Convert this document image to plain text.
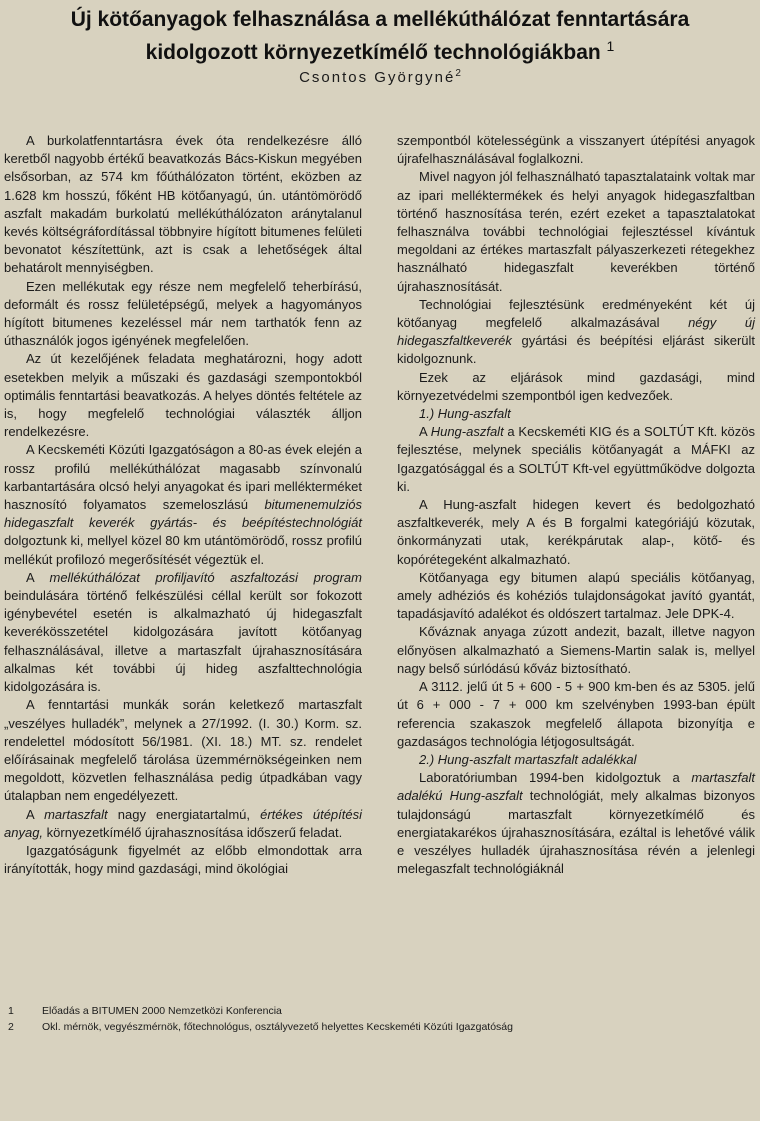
Új kötőanyagok felhasználása a mellékúthálózat fenntartására
kidolgozott környezetkímélő technológiákban $^1$
Csontos Györgyné$^2$

A burkolatfenntartásra évek óta rendelkezésre álló keretből nagyobb értékű beavatkozás Bács-Kiskun megyében elsősorban, az 574 km főúthálózaton történt, eközben az 1.628 km hosszú, főként HB kötőanyagú, ún. utántömörödő aszfalt makadám burkolatú mellékúthálózaton aránytalanul kevés költségráfordítással többnyire hígított bitumenes felületi bevonatot készítettünk, azt is csak a lehetőségek által behatárolt mennyiségben.

Ezen mellékutak egy része nem megfelelő teherbírású, deformált és rossz felületépségű, melyek a hagyományos hígított bitumenes kezeléssel már nem tarthatók fenn az úthasználók jogos igényének megfelelően.

Az út kezelőjének feladata meghatározni, hogy adott esetekben melyik a műszaki és gazdasági szempontokból optimális fenntartási beavatkozás. A helyes döntés feltétele az is, hogy megfelelő technológiai választék álljon rendelkezésre.

A Kecskeméti Közúti Igazgatóságon a 80-as évek elején a rossz profilú mellékúthálózat magasabb színvonalú karbantartására olcsó helyi anyagokat és ipari mellékterméket hasznosító folyamatos szemeloszlású bitumenemulziós hidegaszfalt keverék gyártás- és beépítéstechnológiát dolgoztunk ki, mellyel közel 80 km utántömörödő, rossz profilú mellékút profilozó megerősítését végeztük el.

A mellékúthálózat profiljavító aszfaltozási program beindulására történő felkészülési céllal került sor fokozott igénybevétel esetén is alkalmazható új hidegaszfalt keverékösszetétel kidolgozására javított kötőanyag felhasználásával, illetve a martaszfalt újrahasznosítására alkalmas két további új hideg aszfalttechnológia kidolgozására is.

A fenntartási munkák során keletkező martaszfalt „veszélyes hulladék”, melynek a 27/1992. (I. 30.) Korm. sz. rendelettel módosított 56/1981. (XI. 18.) MT. sz. rendelet előírásainak megfelelő tárolása üzemmérnökségeinken nem megoldott, közvetlen felhasználása pedig útpadkában vagy útalapban nem engedélyezett.

A martaszfalt nagy energiatartalmú, értékes útépítési anyag, környezetkímélő újrahasznosítása időszerű feladat.

Igazgatóságunk figyelmét az előbb elmondottak arra irányították, hogy mind gazdasági, mind ökológiai

szempontból kötelességünk a visszanyert útépítési anyagok újrafelhasználásával foglalkozni.

Mivel nagyon jól felhasználható tapasztalataink voltak mar az ipari melléktermékek és helyi anyagok hidegaszfaltban történő hasznosítása terén, ezért ezeket a tapasztalatokat felhasználva további technológiai fejlesztéssel kívántuk megoldani az értékes martaszfalt pályaszerkezeti rétegekhez használható hidegaszfalt keverékben történő újrahasznosítását.

Technológiai fejlesztésünk eredményeként két új kötőanyag megfelelő alkalmazásával négy új hidegaszfaltkeverék gyártási és beépítési eljárást sikerült kidolgoznunk.

Ezek az eljárások mind gazdasági, mind környezetvédelmi szempontból igen kedvezőek.

1.) Hung-aszfalt

A Hung-aszfalt a Kecskeméti KIG és a SOLTÚT Kft. közös fejlesztése, melynek speciális kötőanyagát a MÁFKI az Igazgatósággal és a SOLTÚT Kft-vel együttműködve dolgozta ki.

A Hung-aszfalt hidegen kevert és bedolgozható aszfaltkeverék, mely A és B forgalmi kategóriájú közutak, önkormányzati utak, kerékpárutak alap-, kötő- és kopórétegeként alkalmazható.

Kötőanyaga egy bitumen alapú speciális kötőanyag, amely adhéziós és kohéziós tulajdonságokat javító gyantát, tapadásjavító adalékot és oldószert tartalmaz. Jele DPK-4.

Kőváznak anyaga zúzott andezit, bazalt, illetve nagyon előnyösen alkalmazható a Siemens-Martin salak is, mellyel nagy belső súrlódású kőváz biztosítható.

A 3112. jelű út 5 + 600 - 5 + 900 km-ben és az 5305. jelű út 6 + 000 - 7 + 000 km szelvényben 1993-ban épült referencia szakaszok megfelelő állapota bizonyítja e gazdaságos technológia létjogosultságát.

2.) Hung-aszfalt martaszfalt adalékkal

Laboratóriumban 1994-ben kidolgoztuk a martaszfalt adalékú Hung-aszfalt technológiát, mely alkalmas bizonyos tulajdonságú martaszfalt környezetkímélő és energiatakarékos újrahasznosítására, ezáltal is lehetővé válik e veszélyes hulladék újrahasznosítása révén a jelenlegi melegaszfalt technológiáknál

1	Előadás a BITUMEN 2000 Nemzetközi Konferencia
2	Okl. mérnök, vegyészmérnök, főtechnológus, osztályvezető helyettes Kecskeméti Közúti Igazgatóság
